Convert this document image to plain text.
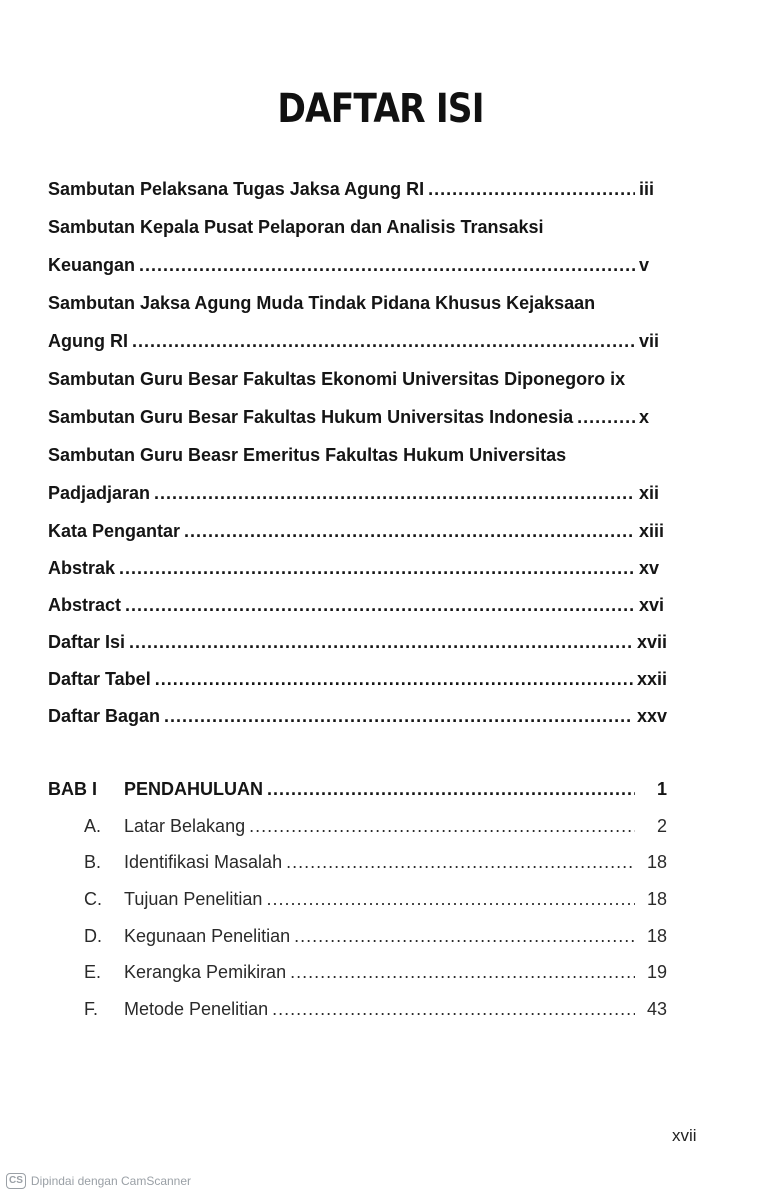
DAFTAR ISI
Sambutan Pelaksana Tugas Jaksa Agung RI .....	iii
Sambutan Kepala Pusat Pelaporan dan Analisis Transaksi
Keuangan .....	v
Sambutan Jaksa Agung Muda Tindak Pidana Khusus Kejaksaan
Agung RI .....	vii
Sambutan Guru Besar Fakultas Ekonomi Universitas Diponegoro ix
Sambutan Guru Besar Fakultas Hukum Universitas Indonesia .....	x
Sambutan Guru Beasr Emeritus Fakultas Hukum Universitas
Padjadjaran .....	xii
Kata Pengantar .....	xiii
Abstrak .....	xv
Abstract .....	xvi
Daftar Isi .....	xvii
Daftar Tabel .....	xxii
Daftar Bagan .....	xxv
BAB I	PENDAHULUAN .....	1
A.	Latar Belakang .....	2
B.	Identifikasi Masalah .....	18
C.	Tujuan Penelitian .....	18
D.	Kegunaan Penelitian .....	18
E.	Kerangka Pemikiran .....	19
F.	Metode Penelitian .....	43
xvii
CS Dipindai dengan CamScanner
